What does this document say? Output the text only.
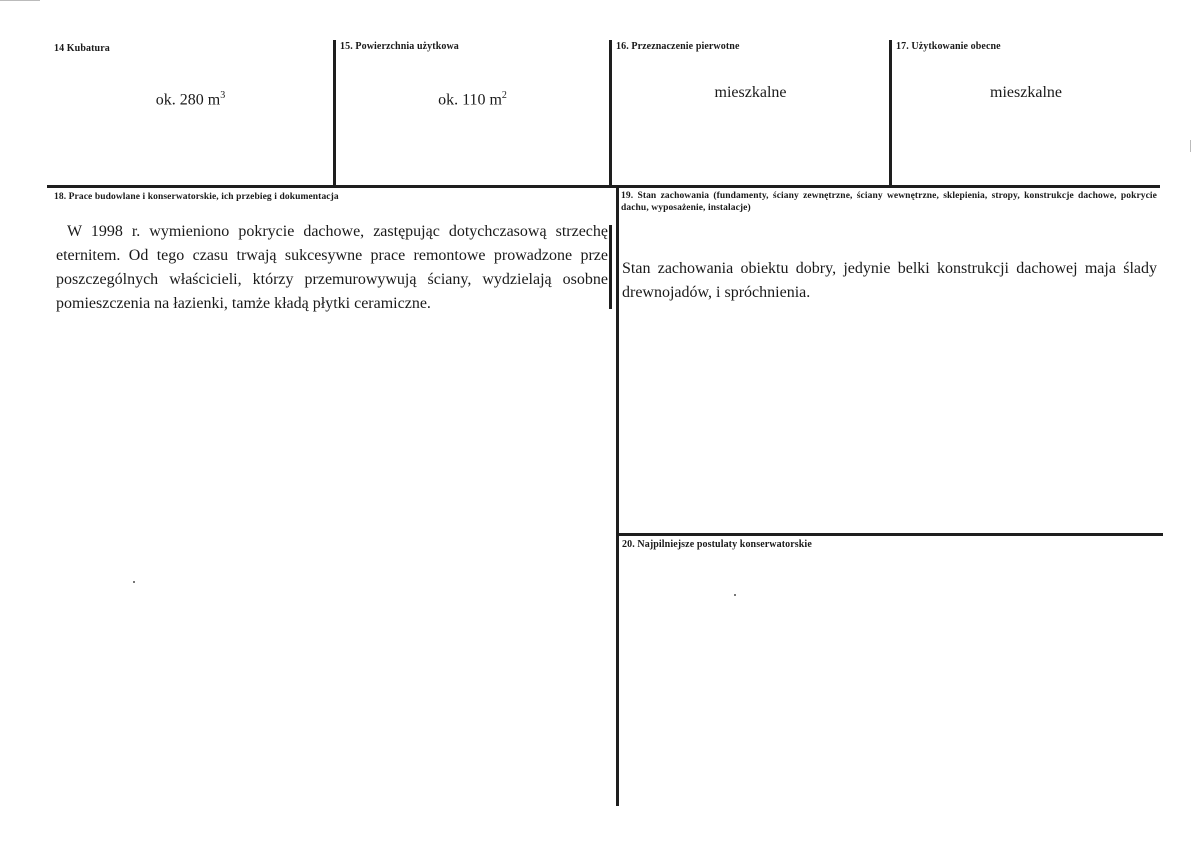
14 Kubatura
ok. 280 $m^3$
15. Powierzchnia użytkowa
ok. 110 $m^2$
16. Przeznaczenie pierwotne
mieszkalne
17. Użytkowanie obecne
mieszkalne
18. Prace budowlane i konserwatorskie, ich przebieg i dokumentacja
W 1998 r. wymieniono pokrycie dachowe, zastępując dotychczasową strzechę eternitem. Od tego czasu trwają sukcesywne prace remontowe prowadzone prze poszczególnych właścicieli, którzy przemurowywują ściany, wydzielają osobne pomieszczenia na łazienki, tamże kładą płytki ceramiczne.
19. Stan zachowania (fundamenty, ściany zewnętrzne, ściany wewnętrzne, sklepienia, stropy, konstrukcje dachowe, pokrycie dachu, wyposażenie, instalacje)
Stan zachowania obiektu dobry, jedynie belki konstrukcji dachowej maja ślady drewnojadów, i spróchnienia.
20. Najpilniejsze postulaty konserwatorskie
